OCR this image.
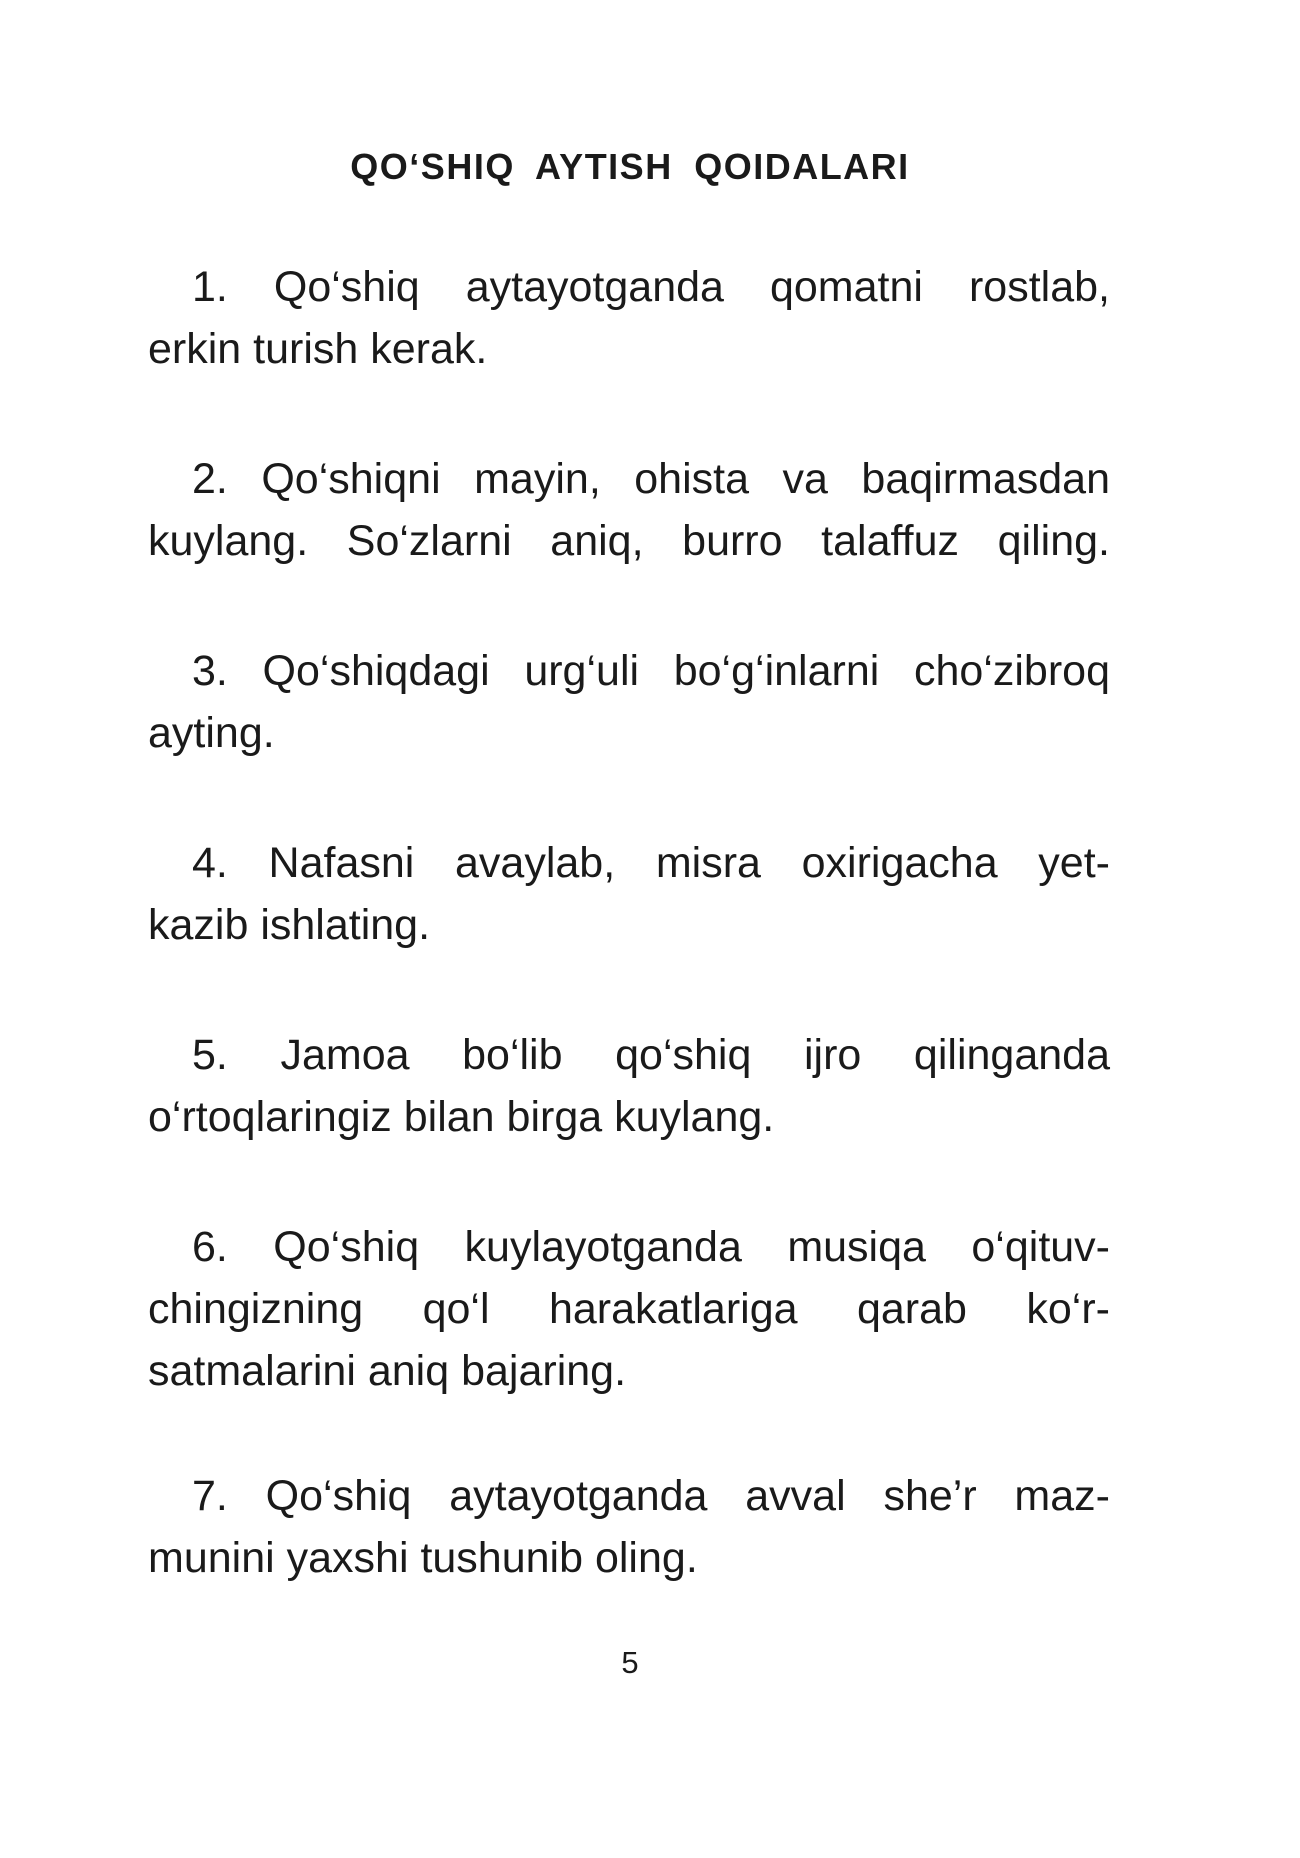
QO‘SHIQ AYTISH QOIDALARI
1. Qo‘shiq aytayotganda qomatni rostlab,
erkin turish kerak.
2. Qo‘shiqni mayin, ohista va baqirmasdan
kuylang. So‘zlarni aniq, burro talaffuz qiling.
3. Qo‘shiqdagi urg‘uli bo‘g‘inlarni cho‘zibroq
ayting.
4. Nafasni avaylab, misra oxirigacha yet-
kazib ishlating.
5. Jamoa bo‘lib qo‘shiq ijro qilinganda
o‘rtoqlaringiz bilan birga kuylang.
6. Qo‘shiq kuylayotganda musiqa o‘qituv-
chingizning qo‘l harakatlariga qarab ko‘r-
satmalarini aniq bajaring.
7. Qo‘shiq aytayotganda avval she’r maz-
munini yaxshi tushunib oling.
5
